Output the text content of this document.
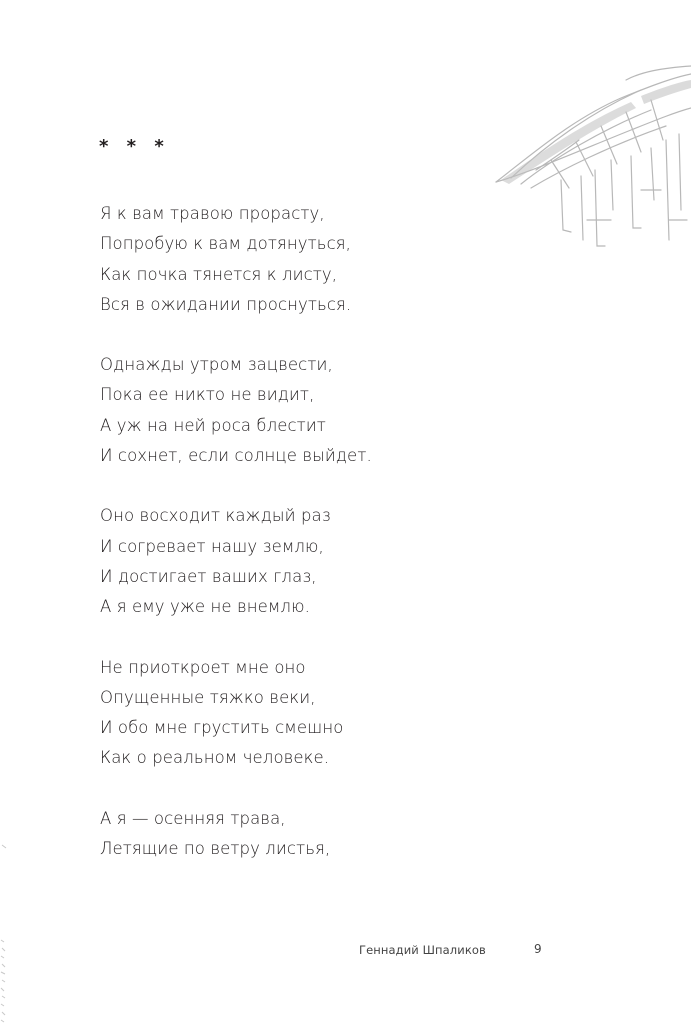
* * *
Я к вам травою прорасту,
Попробую к вам дотянуться,
Как почка тянется к листу,
Вся в ожидании проснуться.
Однажды утром зацвести,
Пока ее никто не видит,
А уж на ней роса блестит
И сохнет, если солнце выйдет.
Оно восходит каждый раз
И согревает нашу землю,
И достигает ваших глаз,
А я ему уже не внемлю.
Не приоткроет мне оно
Опущенные тяжко веки,
И обо мне грустить смешно
Как о реальном человеке.
А я — осенняя трава,
Летящие по ветру листья,
Геннадий Шпаликов	9
